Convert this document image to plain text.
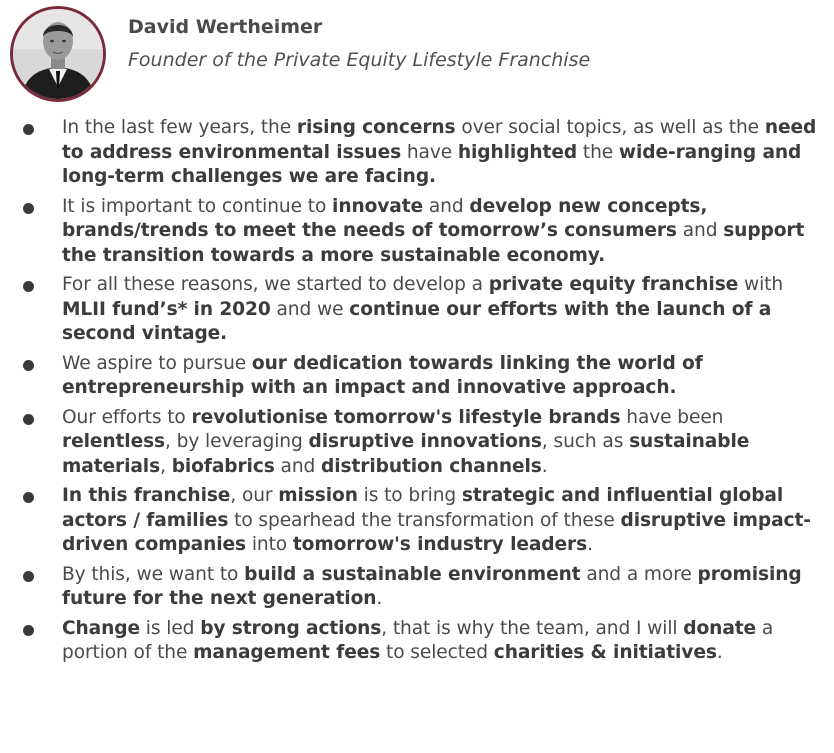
David Wertheimer
Founder of the Private Equity Lifestyle Franchise
In the last few years, the rising concerns over social topics, as well as the need to address environmental issues have highlighted the wide-ranging and long-term challenges we are facing.
It is important to continue to innovate and develop new concepts, brands/trends to meet the needs of tomorrow’s consumers and support the transition towards a more sustainable economy.
For all these reasons, we started to develop a private equity franchise with MLII fund’s* in 2020 and we continue our efforts with the launch of a second vintage.
We aspire to pursue our dedication towards linking the world of entrepreneurship with an impact and innovative approach.
Our efforts to revolutionise tomorrow's lifestyle brands have been relentless, by leveraging disruptive innovations, such as sustainable materials, biofabrics and distribution channels.
In this franchise, our mission is to bring strategic and influential global actors / families to spearhead the transformation of these disruptive impact-driven companies into tomorrow's industry leaders.
By this, we want to build a sustainable environment and a more promising future for the next generation.
Change is led by strong actions, that is why the team, and I will donate a portion of the management fees to selected charities & initiatives.
